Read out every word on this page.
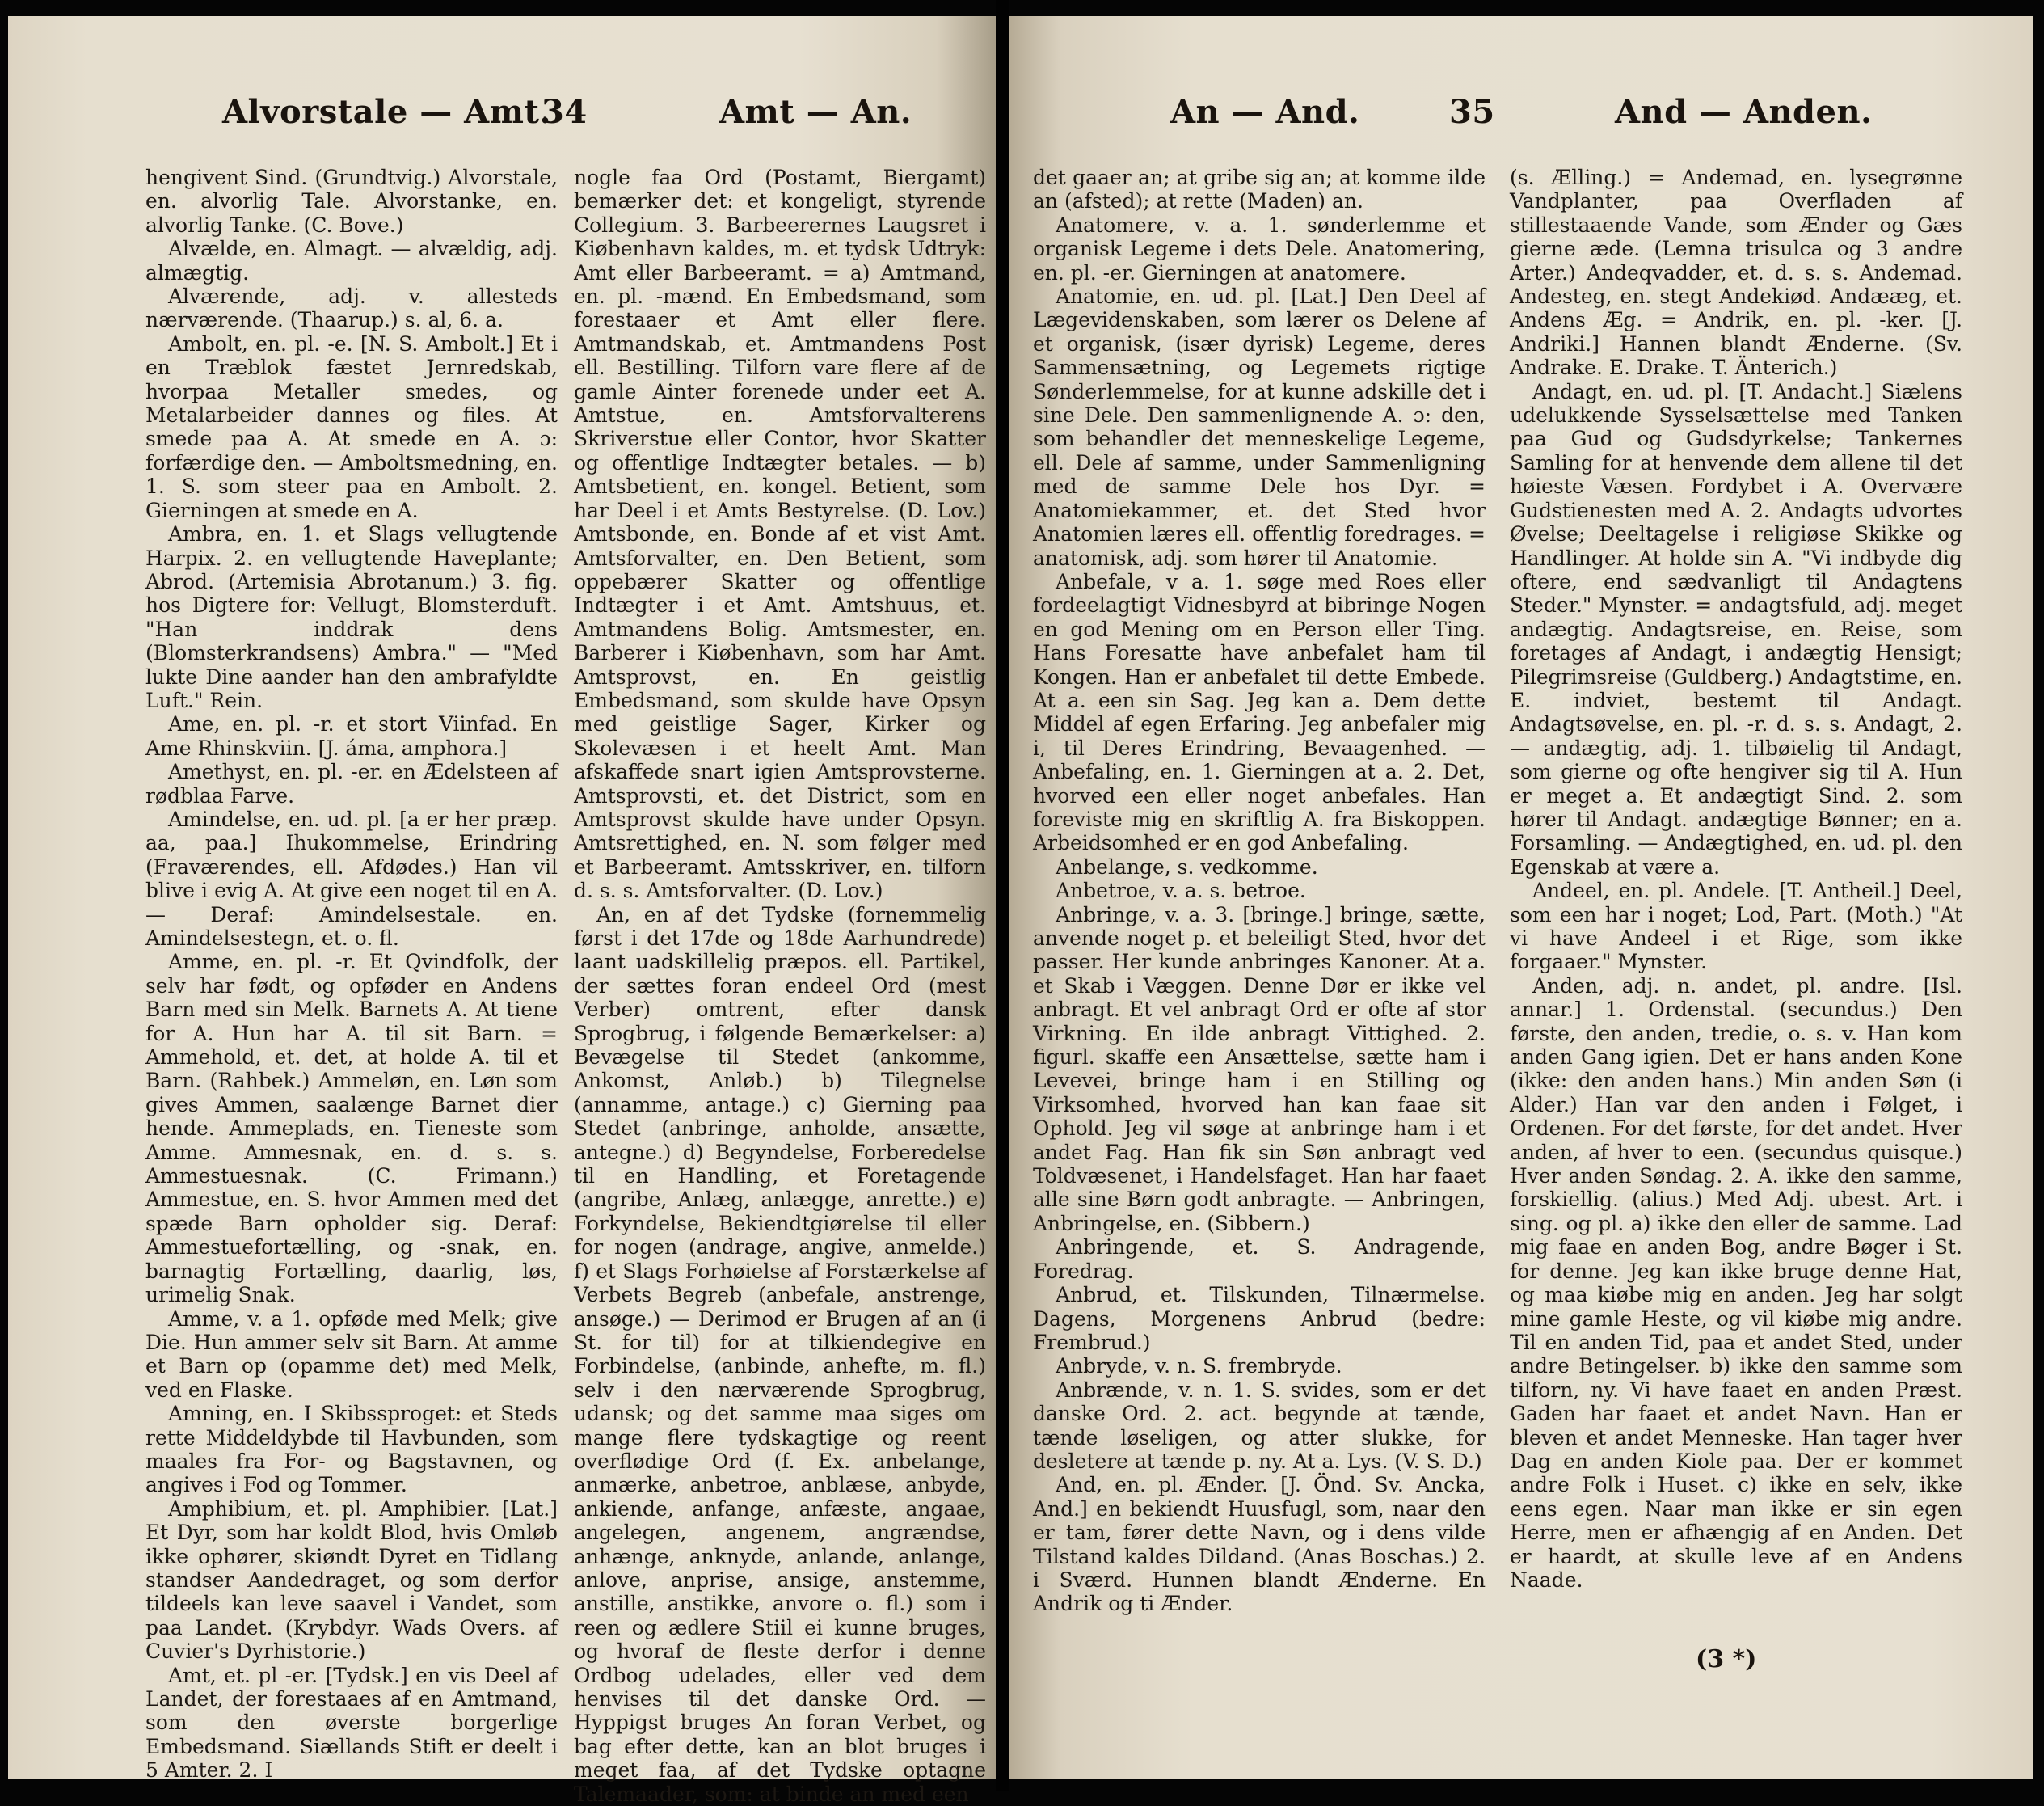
Alvorstale — Amt.
34	Amt — An.

hengivent Sind. (Grundtvig.) Alvorstale, en. alvorlig Tale. Alvorstanke, en. alvorlig Tanke. (C. Bove.)

Alvælde, en. Almagt. — alvældig, adj. almægtig.

Alværende, adj. v. allesteds nærværende. (Thaarup.) s. al, 6. a.

Ambolt, en. pl. -e. [N. S. Ambolt.] Et i en Træblok fæstet Jernredskab, hvorpaa Metaller smedes, og Metalarbeider dannes og files. At smede paa A. At smede en A. ɔ: forfærdige den. — Amboltsmedning, en. 1. S. som steer paa en Ambolt. 2. Gierningen at smede en A.

Ambra, en. 1. et Slags vellugtende Harpix. 2. en vellugtende Haveplante; Abrod. (Artemisia Abrotanum.) 3. fig. hos Digtere for: Vellugt, Blomsterduft. "Han inddrak dens (Blomsterkrandsens) Ambra." — "Med lukte Dine aander han den ambrafyldte Luft." Rein.

Ame, en. pl. -r. et stort Viinfad. En Ame Rhinskviin. [J. áma, amphora.]

Amethyst, en. pl. -er. en Ædelsteen af rødblaa Farve.

Amindelse, en. ud. pl. [a er her præp. aa, paa.] Ihukommelse, Erindring (Fraværendes, ell. Afdødes.) Han vil blive i evig A. At give een noget til en A. — Deraf: Amindelsestale. en. Amindelsestegn, et. o. fl.

Amme, en. pl. -r. Et Qvindfolk, der selv har født, og opføder en Andens Barn med sin Melk. Barnets A. At tiene for A. Hun har A. til sit Barn. = Ammehold, et. det, at holde A. til et Barn. (Rahbek.) Ammeløn, en. Løn som gives Ammen, saalænge Barnet dier hende. Ammeplads, en. Tieneste som Amme. Ammesnak, en. d. s. s. Ammestuesnak. (C. Frimann.) Ammestue, en. S. hvor Ammen med det spæde Barn opholder sig. Deraf: Ammestuefortælling, og -snak, en. barnagtig Fortælling, daarlig, løs, urimelig Snak.

Amme, v. a 1. opføde med Melk; give Die. Hun ammer selv sit Barn. At amme et Barn op (opamme det) med Melk, ved en Flaske.

Amning, en. I Skibssproget: et Steds rette Middeldybde til Havbunden, som maales fra For- og Bagstavnen, og angives i Fod og Tommer.

Amphibium, et. pl. Amphibier. [Lat.] Et Dyr, som har koldt Blod, hvis Omløb ikke ophører, skiøndt Dyret en Tidlang standser Aandedraget, og som derfor tildeels kan leve saavel i Vandet, som paa Landet. (Krybdyr. Wads Overs. af Cuvier's Dyrhistorie.)

Amt, et. pl -er. [Tydsk.] en vis Deel af Landet, der forestaaes af en Amtmand, som den øverste borgerlige Embedsmand. Siællands Stift er deelt i 5 Amter. 2. I

nogle faa Ord (Postamt, Biergamt) bemærker det: et kongeligt, styrende Collegium. 3. Barbeerernes Laugsret i Kiøbenhavn kaldes, m. et tydsk Udtryk: Amt eller Barbeeramt. = a) Amtmand, en. pl. -mænd. En Embedsmand, som forestaaer et Amt eller flere. Amtmandskab, et. Amtmandens Post ell. Bestilling. Tilforn vare flere af de gamle Ainter forenede under eet A. Amtstue, en. Amtsforvalterens Skriverstue eller Contor, hvor Skatter og offentlige Indtægter betales. — b) Amtsbetient, en. kongel. Betient, som har Deel i et Amts Bestyrelse. (D. Lov.) Amtsbonde, en. Bonde af et vist Amt. Amtsforvalter, en. Den Betient, som oppebærer Skatter og offentlige Indtægter i et Amt. Amtshuus, et. Amtmandens Bolig. Amtsmester, en. Barberer i Kiøbenhavn, som har Amt. Amtsprovst, en. En geistlig Embedsmand, som skulde have Opsyn med geistlige Sager, Kirker og Skolevæsen i et heelt Amt. Man afskaffede snart igien Amtsprovsterne. Amtsprovsti, et. det District, som en Amtsprovst skulde have under Opsyn. Amtsrettighed, en. N. som følger med et Barbeeramt. Amtsskriver, en. tilforn d. s. s. Amtsforvalter. (D. Lov.)

An, en af det Tydske (fornemmelig først i det 17de og 18de Aarhundrede) laant uadskillelig præpos. ell. Partikel, der sættes foran endeel Ord (mest Verber) omtrent, efter dansk Sprogbrug, i følgende Bemærkelser: a) Bevægelse til Stedet (ankomme, Ankomst, Anløb.) b) Tilegnelse (annamme, antage.) c) Gierning paa Stedet (anbringe, anholde, ansætte, antegne.) d) Begyndelse, Forberedelse til en Handling, et Foretagende (angribe, Anlæg, anlægge, anrette.) e) Forkyndelse, Bekiendtgiørelse til eller for nogen (andrage, angive, anmelde.) f) et Slags Forhøielse af Forstærkelse af Verbets Begreb (anbefale, anstrenge, ansøge.) — Derimod er Brugen af an (i St. for til) for at tilkiendegive en Forbindelse, (anbinde, anhefte, m. fl.) selv i den nærværende Sprogbrug, udansk; og det samme maa siges om mange flere tydskagtige og reent overflødige Ord (f. Ex. anbelange, anmærke, anbetroe, anblæse, anbyde, ankiende, anfange, anfæste, angaae, angelegen, angenem, angrændse, anhænge, anknyde, anlande, anlange, anlove, anprise, ansige, anstemme, anstille, anstikke, anvore o. fl.) som i reen og ædlere Stiil ei kunne bruges, og hvoraf de fleste derfor i denne Ordbog udelades, eller ved dem henvises til det danske Ord. — Hyppigst bruges An foran Verbet, og bag efter dette, kan an blot bruges i meget faa, af det Tydske optagne Talemaader, som: at binde an med een

An — And.	35	And — Anden.

det gaaer an; at gribe sig an; at komme ilde an (afsted); at rette (Maden) an.

Anatomere, v. a. 1. sønderlemme et organisk Legeme i dets Dele. Anatomering, en. pl. -er. Gierningen at anatomere.

Anatomie, en. ud. pl. [Lat.] Den Deel af Lægevidenskaben, som lærer os Delene af et organisk, (især dyrisk) Legeme, deres Sammensætning, og Legemets rigtige Sønderlemmelse, for at kunne adskille det i sine Dele. Den sammenlignende A. ɔ: den, som behandler det menneskelige Legeme, ell. Dele af samme, under Sammenligning med de samme Dele hos Dyr. = Anatomiekammer, et. det Sted hvor Anatomien læres ell. offentlig foredrages. = anatomisk, adj. som hører til Anatomie.

Anbefale, v a. 1. søge med Roes eller fordeelagtigt Vidnesbyrd at bibringe Nogen en god Mening om en Person eller Ting. Hans Foresatte have anbefalet ham til Kongen. Han er anbefalet til dette Embede. At a. een sin Sag. Jeg kan a. Dem dette Middel af egen Erfaring. Jeg anbefaler mig i, til Deres Erindring, Bevaagenhed. — Anbefaling, en. 1. Gierningen at a. 2. Det, hvorved een eller noget anbefales. Han foreviste mig en skriftlig A. fra Biskoppen. Arbeidsomhed er en god Anbefaling.

Anbelange, s. vedkomme.

Anbetroe, v. a. s. betroe.

Anbringe, v. a. 3. [bringe.] bringe, sætte, anvende noget p. et beleiligt Sted, hvor det passer. Her kunde anbringes Kanoner. At a. et Skab i Væggen. Denne Dør er ikke vel anbragt. Et vel anbragt Ord er ofte af stor Virkning. En ilde anbragt Vittighed. 2. figurl. skaffe een Ansættelse, sætte ham i Levevei, bringe ham i en Stilling og Virksomhed, hvorved han kan faae sit Ophold. Jeg vil søge at anbringe ham i et andet Fag. Han fik sin Søn anbragt ved Toldvæsenet, i Handelsfaget. Han har faaet alle sine Børn godt anbragte. — Anbringen, Anbringelse, en. (Sibbern.)

Anbringende, et. S. Andragende, Foredrag.

Anbrud, et. Tilskunden, Tilnærmelse. Dagens, Morgenens Anbrud (bedre: Frembrud.)

Anbryde, v. n. S. frembryde.

Anbrænde, v. n. 1. S. svides, som er det danske Ord. 2. act. begynde at tænde, tænde løseligen, og atter slukke, for desletere at tænde p. ny. At a. Lys. (V. S. D.)

And, en. pl. Ænder. [J. Önd. Sv. Ancka, And.] en bekiendt Huusfugl, som, naar den er tam, fører dette Navn, og i dens vilde Tilstand kaldes Dildand. (Anas Boschas.) 2. i Sværd. Hunnen blandt Ænderne. En Andrik og ti Ænder.

(s. Ælling.) = Andemad, en. lysegrønne Vandplanter, paa Overfladen af stillestaaende Vande, som Ænder og Gæs gierne æde. (Lemna trisulca og 3 andre Arter.) Andeqvadder, et. d. s. s. Andemad. Andesteg, en. stegt Andekiød. Andææg, et. Andens Æg. = Andrik, en. pl. -ker. [J. Andriki.] Hannen blandt Ænderne. (Sv. Andrake. E. Drake. T. Änterich.)

Andagt, en. ud. pl. [T. Andacht.] Siælens udelukkende Sysselsættelse med Tanken paa Gud og Gudsdyrkelse; Tankernes Samling for at henvende dem allene til det høieste Væsen. Fordybet i A. Overvære Gudstienesten med A. 2. Andagts udvortes Øvelse; Deeltagelse i religiøse Skikke og Handlinger. At holde sin A. "Vi indbyde dig oftere, end sædvanligt til Andagtens Steder." Mynster. = andagtsfuld, adj. meget andægtig. Andagtsreise, en. Reise, som foretages af Andagt, i andægtig Hensigt; Pilegrimsreise (Guldberg.) Andagtstime, en. E. indviet, bestemt til Andagt. Andagtsøvelse, en. pl. -r. d. s. s. Andagt, 2. — andægtig, adj. 1. tilbøielig til Andagt, som gierne og ofte hengiver sig til A. Hun er meget a. Et andægtigt Sind. 2. som hører til Andagt. andægtige Bønner; en a. Forsamling. — Andægtighed, en. ud. pl. den Egenskab at være a.

Andeel, en. pl. Andele. [T. Antheil.] Deel, som een har i noget; Lod, Part. (Moth.) "At vi have Andeel i et Rige, som ikke forgaaer." Mynster.

Anden, adj. n. andet, pl. andre. [Isl. annar.] 1. Ordenstal. (secundus.) Den første, den anden, tredie, o. s. v. Han kom anden Gang igien. Det er hans anden Kone (ikke: den anden hans.) Min anden Søn (i Alder.) Han var den anden i Følget, i Ordenen. For det første, for det andet. Hver anden, af hver to een. (secundus quisque.) Hver anden Søndag. 2. A. ikke den samme, forskiellig. (alius.) Med Adj. ubest. Art. i sing. og pl. a) ikke den eller de samme. Lad mig faae en anden Bog, andre Bøger i St. for denne. Jeg kan ikke bruge denne Hat, og maa kiøbe mig en anden. Jeg har solgt mine gamle Heste, og vil kiøbe mig andre. Til en anden Tid, paa et andet Sted, under andre Betingelser. b) ikke den samme som tilforn, ny. Vi have faaet en anden Præst. Gaden har faaet et andet Navn. Han er bleven et andet Menneske. Han tager hver Dag en anden Kiole paa. Der er kommet andre Folk i Huset. c) ikke en selv, ikke eens egen. Naar man ikke er sin egen Herre, men er afhængig af en Anden. Det er haardt, at skulle leve af en Andens Naade.

(3 *)
